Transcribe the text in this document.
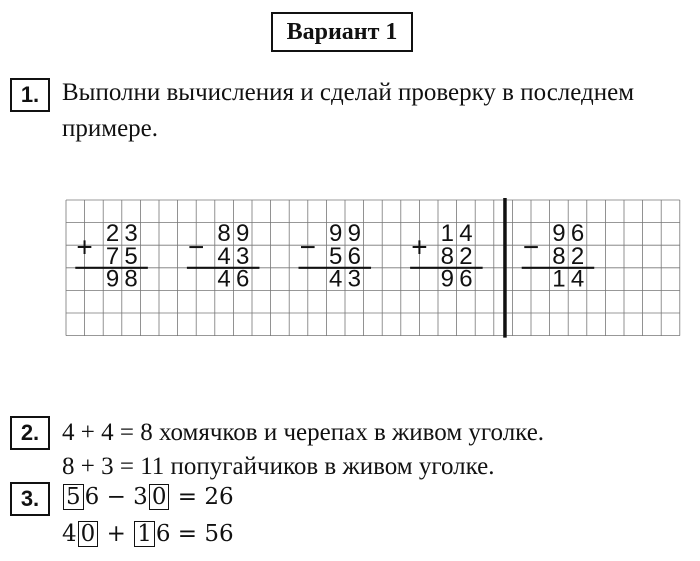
Вариант 1
1. Выполни вычисления и сделай проверку в последнем
примере.
+ 2 3
7 5
9 8
− 8 9
4 3
4 6
− 9 9
5 6
4 3
+ 1 4
8 2
9 6
− 9 6
8 2
1 4
2. 4 + 4 = 8 хомячков и черепах в живом уголке.
8 + 3 = 11 попугайчиков в живом уголке.
3.	5 6 − 3 0 = 26
4 0 + 1 6 = 56
